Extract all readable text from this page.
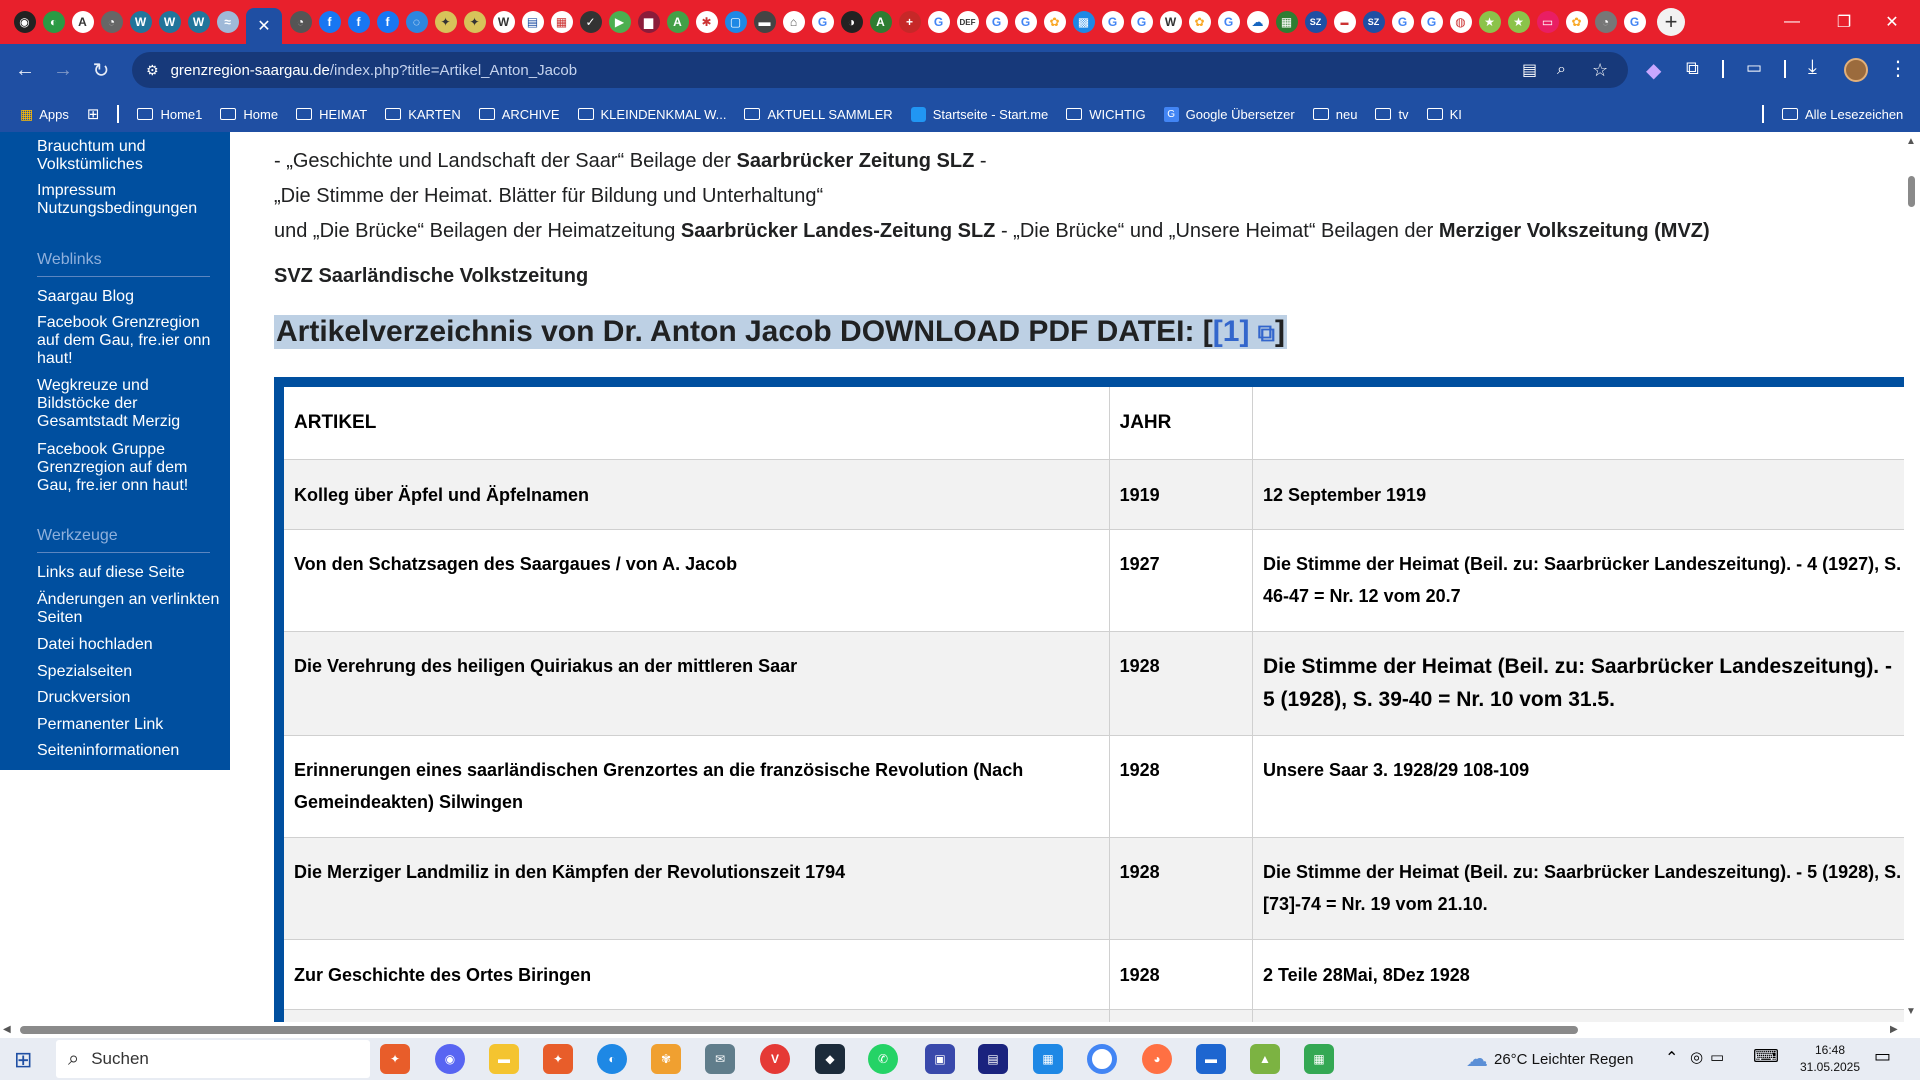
◉	◐	A	◔	W	W	W	≈	✕	◔	f	f	f	◌	✦	✦	W	▤	▦	✓	▶	▆	A	✱	▢	▬	⌂	G	◑	A	+	G	DEF	G	G	✿	▩	G	G	W	✿	G	☁	▦	SZ	▬	SZ	G	G	◍	★	★	▭	✿	◔	G +	— ❐ ✕
← → ↻	⚙ grenzregion-saargau.de /index.php?title=Artikel_Anton_Jacob	▤ ⌕ ☆ ◆ ⧉	▭ ⤓	⋮
▦ Apps ⊞	Home1	Home	HEIMAT	KARTEN	ARCHIVE	KLEINDENKMAL W...	AKTUELL SAMMLER	Startseite - Start.me	WICHTIG	G Google Übersetzer	neu	tv	KI	Alle Lesezeichen
Brauchtum und Volkstümliches
Impressum Nutzungsbedingungen
Weblinks
Saargau Blog
Facebook Grenzregion auf dem Gau, fre.ier onn haut!
Wegkreuze und Bildstöcke der Gesamtstadt Merzig
Facebook Gruppe Grenzregion auf dem Gau, fre.ier onn haut!
Werkzeuge
Links auf diese Seite
Änderungen an verlinkten Seiten
Datei hochladen
Spezialseiten
Druckversion
Permanenter Link
Seiteninformationen
- „Geschichte und Landschaft der Saar“ Beilage der Saarbrücker Zeitung SLZ -
„Die Stimme der Heimat. Blätter für Bildung und Unterhaltung“
und „Die Brücke“ Beilagen der Heimatzeitung Saarbrücker Landes-Zeitung SLZ - „Die Brücke“ und „Unsere Heimat“ Beilagen der Merziger Volkszeitung (MVZ)
SVZ Saarländische Volkstzeitung
Artikelverzeichnis von Dr. Anton Jacob DOWNLOAD PDF DATEI: [[1] ⧉]
ARTIKEL	JAHR	
Kolleg über Äpfel und Äpfelnamen	1919	12 September 1919
Von den Schatzsagen des Saargaues / von A. Jacob	1927	Die Stimme der Heimat (Beil. zu: Saarbrücker Landeszeitung). - 4 (1927), S. 46-47 = Nr. 12 vom 20.7
Die Verehrung des heiligen Quiriakus an der mittleren Saar	1928	Die Stimme der Heimat (Beil. zu: Saarbrücker Landeszeitung). - 5 (1928), S. 39-40 = Nr. 10 vom 31.5.

Erinnerungen eines saarländischen Grenzortes an die französische Revolution (Nach Gemeindeakten) Silwingen	1928	Unsere Saar 3. 1928/29 108-109
Die Merziger Landmiliz in den Kämpfen der Revolutionszeit 1794	1928	Die Stimme der Heimat (Beil. zu: Saarbrücker Landeszeitung). - 5 (1928), S. [73]-74 = Nr. 19 vom 21.10.
Zur Geschichte des Ortes Biringen	1928	2 Teile 28Mai, 8Dez 1928

▲
▼
◀	▶
⊞ ⌕ Suchen	✦	◉	▬	✦	◐	✾	✉	V	◆	✆	▣	▤	▦	◕	▬	▲	▦	☁ 26°C Leichter Regen ⌃ ◎ ▭ ⌨	16:48
31.05.2025
▭
